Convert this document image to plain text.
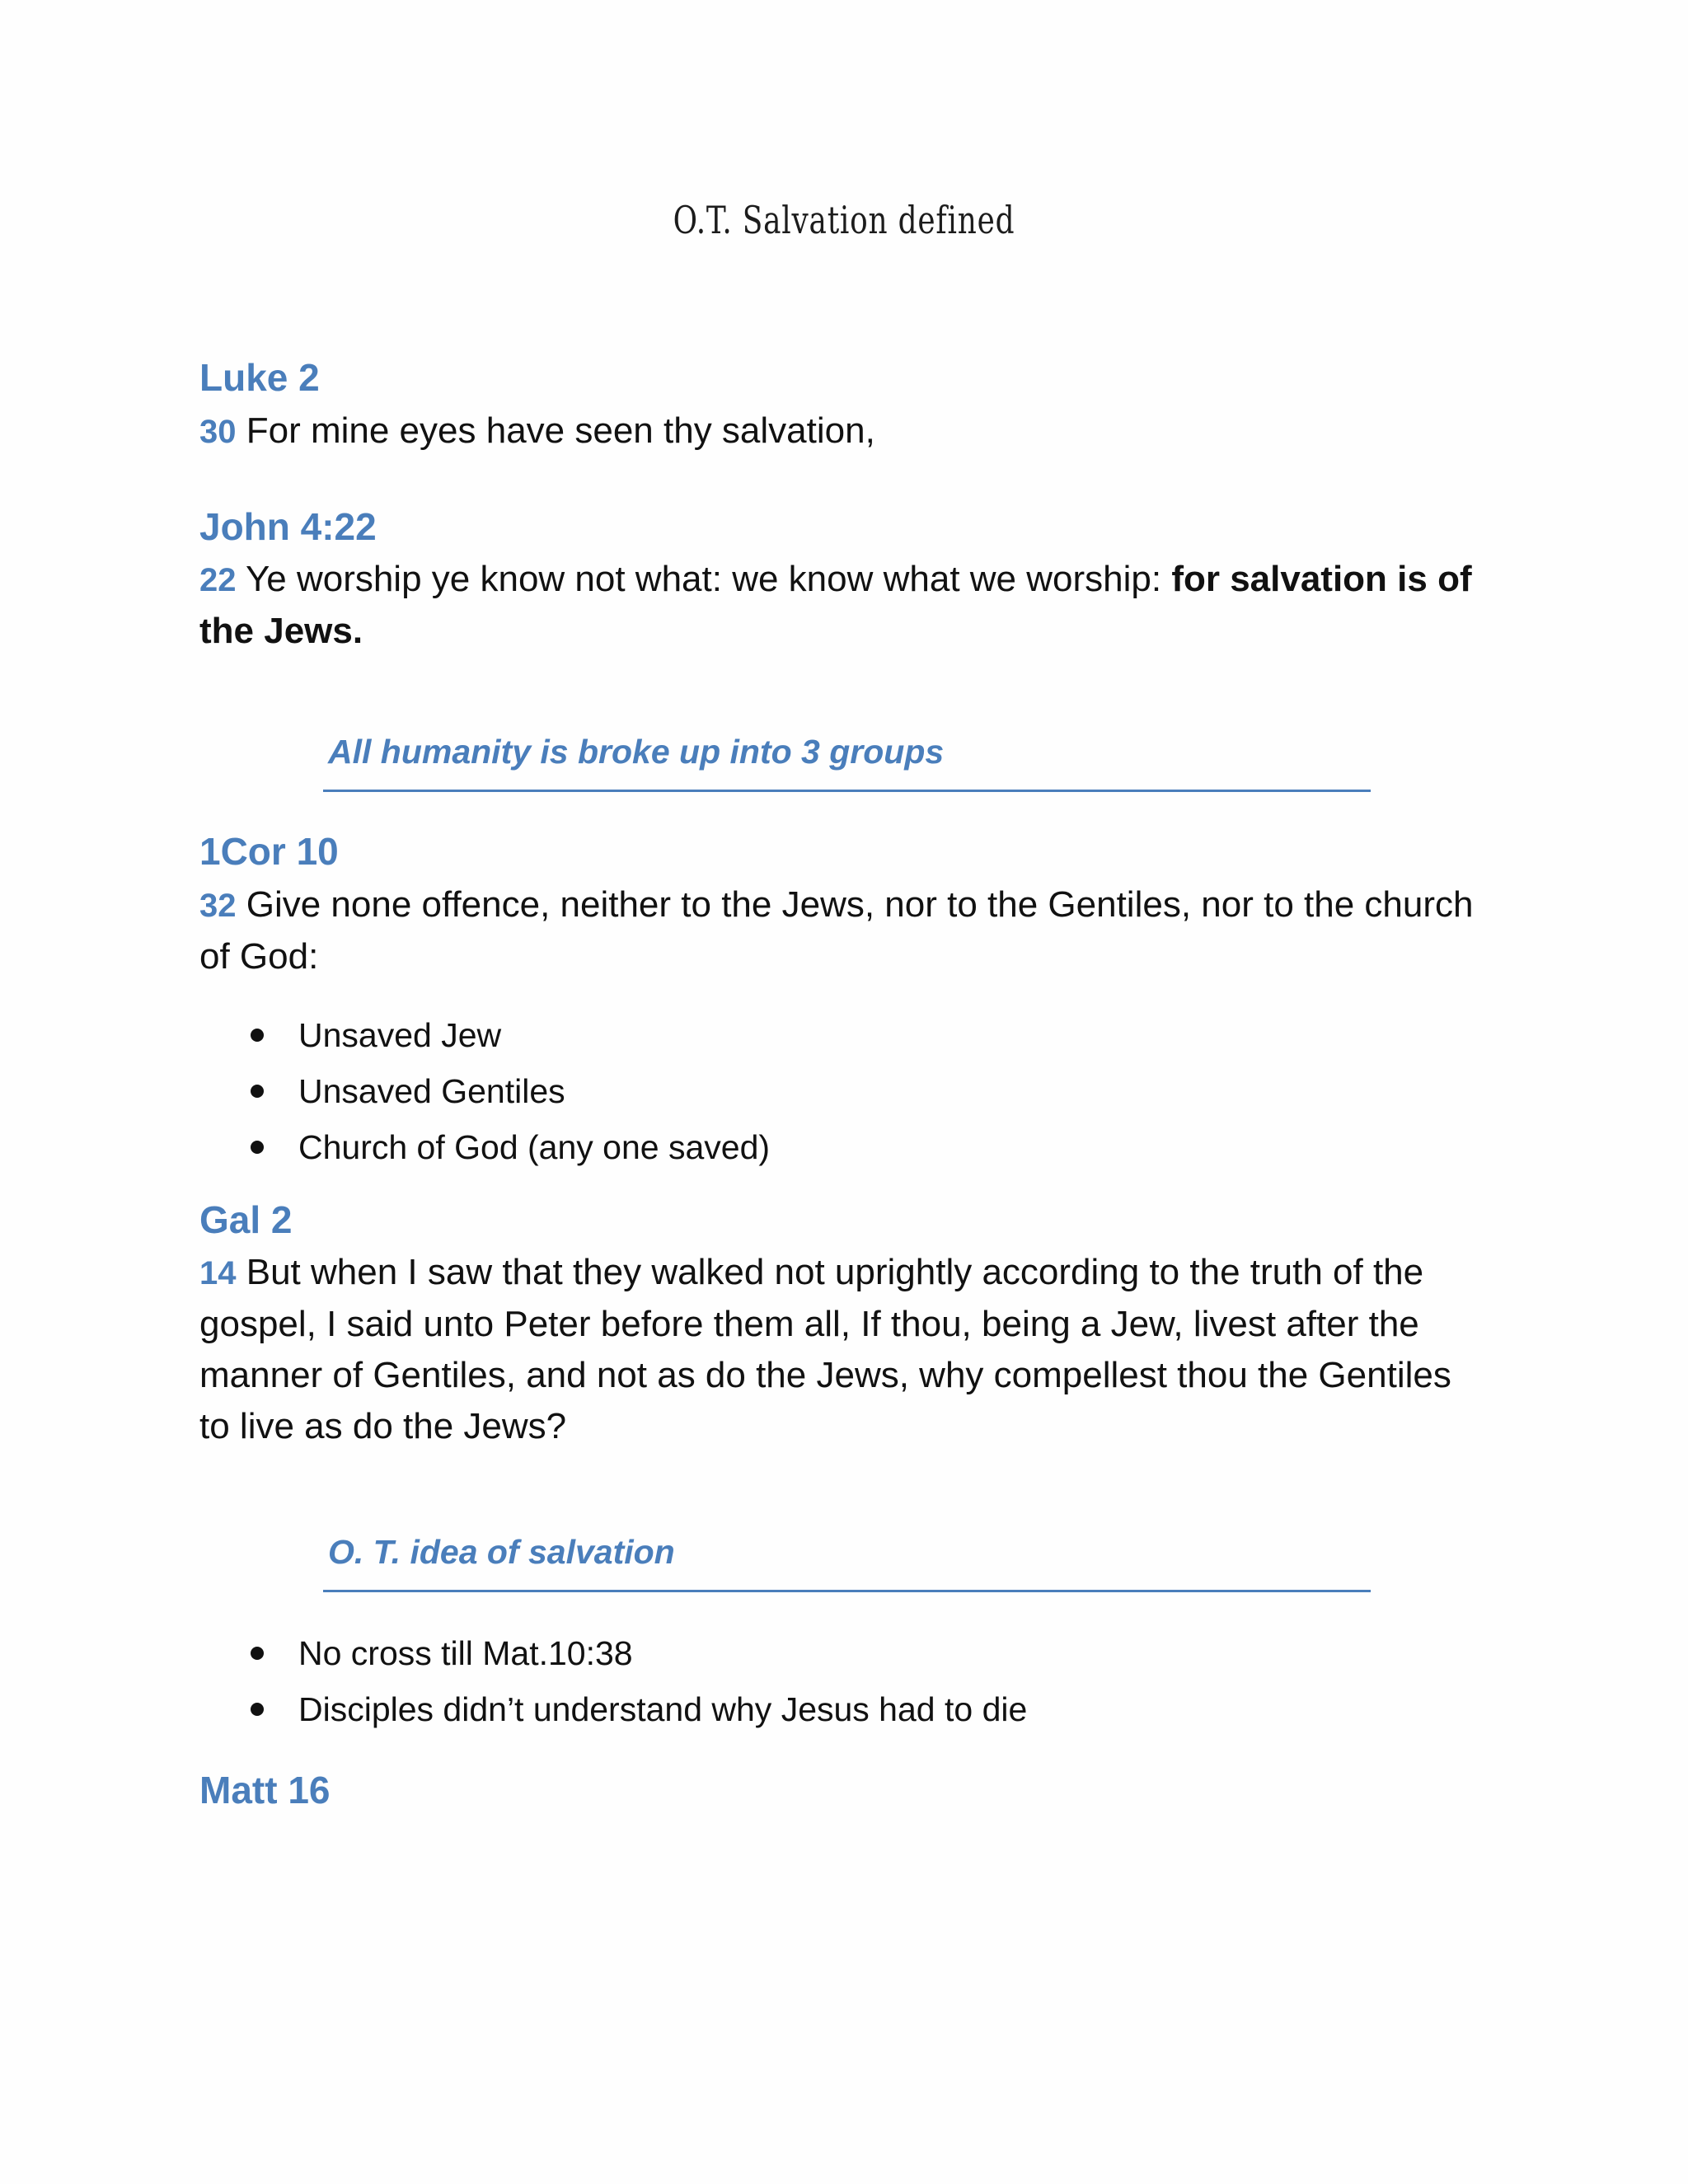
O.T. Salvation defined
Luke 2

30 For mine eyes have seen thy salvation,

John 4:22

22 Ye worship ye know not what: we know what we worship: for salvation is of the Jews.

All humanity is broke up into 3 groups
1Cor 10

32 Give none offence, neither to the Jews, nor to the Gentiles, nor to the church of God:

Unsaved Jew
Unsaved Gentiles
Church of God (any one saved)
Gal 2

14 But when I saw that they walked not uprightly according to the truth of the gospel, I said unto Peter before them all, If thou, being a Jew, livest after the manner of Gentiles, and not as do the Jews, why compellest thou the Gentiles to live as do the Jews?

O. T. idea of salvation
No cross till Mat.10:38
Disciples didn’t understand why Jesus had to die
Matt 16
